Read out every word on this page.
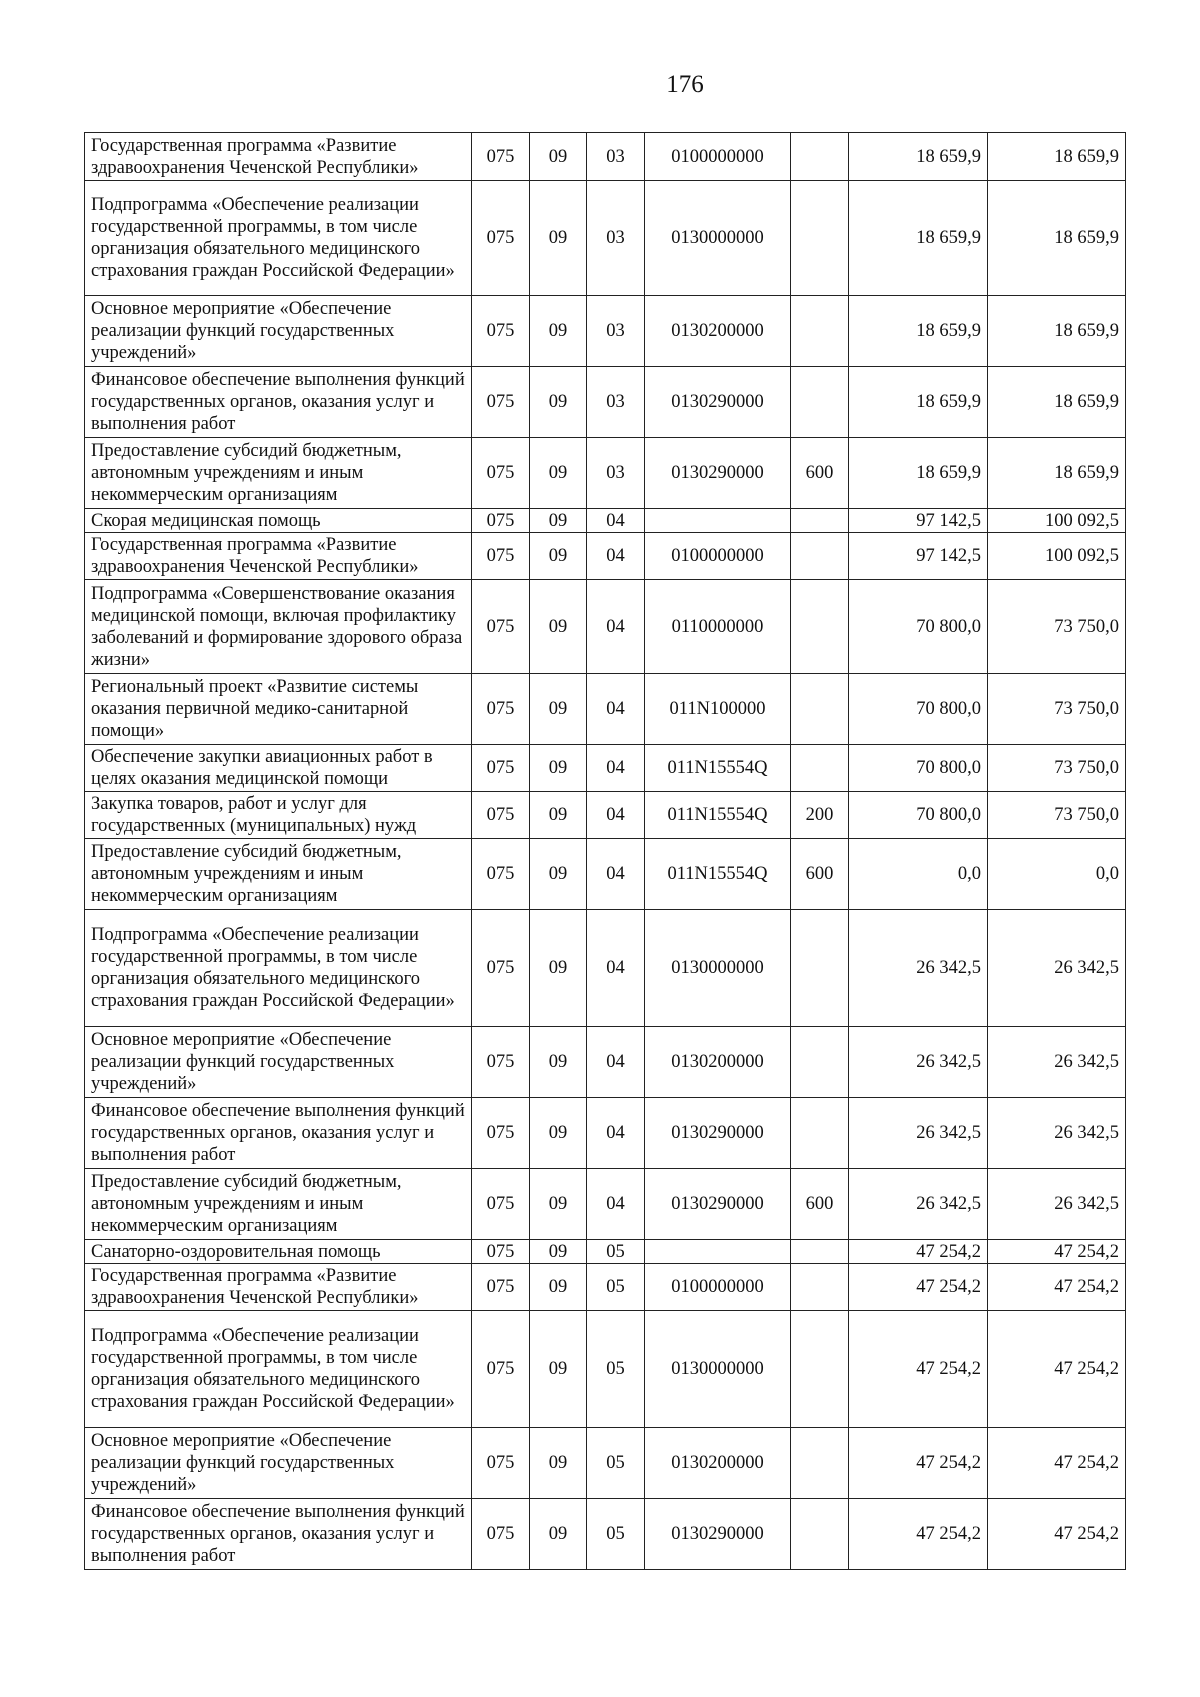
176
Государственная программа «Развитие здравоохранения Чеченской Республики»	075	09	03	0100000000		18 659,9	18 659,9
Подпрограмма «Обеспечение реализации государственной программы, в том числе организация обязательного медицинского страхования граждан Российской Федерации»	075	09	03	0130000000		18 659,9	18 659,9
Основное мероприятие «Обеспечение реализации функций государственных учреждений»	075	09	03	0130200000		18 659,9	18 659,9
Финансовое обеспечение выполнения функций государственных органов, оказания услуг и выполнения работ	075	09	03	0130290000		18 659,9	18 659,9
Предоставление субсидий бюджетным, автономным учреждениям и иным некоммерческим организациям	075	09	03	0130290000	600	18 659,9	18 659,9
Скорая медицинская помощь	075	09	04			97 142,5	100 092,5
Государственная программа «Развитие здравоохранения Чеченской Республики»	075	09	04	0100000000		97 142,5	100 092,5
Подпрограмма «Совершенствование оказания медицинской помощи, включая профилактику заболеваний и формирование здорового образа жизни»	075	09	04	0110000000		70 800,0	73 750,0
Региональный проект «Развитие системы оказания первичной медико-санитарной помощи»	075	09	04	011N100000		70 800,0	73 750,0
Обеспечение закупки авиационных работ в целях оказания медицинской помощи	075	09	04	011N15554Q		70 800,0	73 750,0
Закупка товаров, работ и услуг для государственных (муниципальных) нужд	075	09	04	011N15554Q	200	70 800,0	73 750,0
Предоставление субсидий бюджетным, автономным учреждениям и иным некоммерческим организациям	075	09	04	011N15554Q	600	0,0	0,0
Подпрограмма «Обеспечение реализации государственной программы, в том числе организация обязательного медицинского страхования граждан Российской Федерации»	075	09	04	0130000000		26 342,5	26 342,5
Основное мероприятие «Обеспечение реализации функций государственных учреждений»	075	09	04	0130200000		26 342,5	26 342,5
Финансовое обеспечение выполнения функций государственных органов, оказания услуг и выполнения работ	075	09	04	0130290000		26 342,5	26 342,5
Предоставление субсидий бюджетным, автономным учреждениям и иным некоммерческим организациям	075	09	04	0130290000	600	26 342,5	26 342,5
Санаторно-оздоровительная помощь	075	09	05			47 254,2	47 254,2
Государственная программа «Развитие здравоохранения Чеченской Республики»	075	09	05	0100000000		47 254,2	47 254,2
Подпрограмма «Обеспечение реализации государственной программы, в том числе организация обязательного медицинского страхования граждан Российской Федерации»	075	09	05	0130000000		47 254,2	47 254,2
Основное мероприятие «Обеспечение реализации функций государственных учреждений»	075	09	05	0130200000		47 254,2	47 254,2
Финансовое обеспечение выполнения функций государственных органов, оказания услуг и выполнения работ	075	09	05	0130290000		47 254,2	47 254,2
